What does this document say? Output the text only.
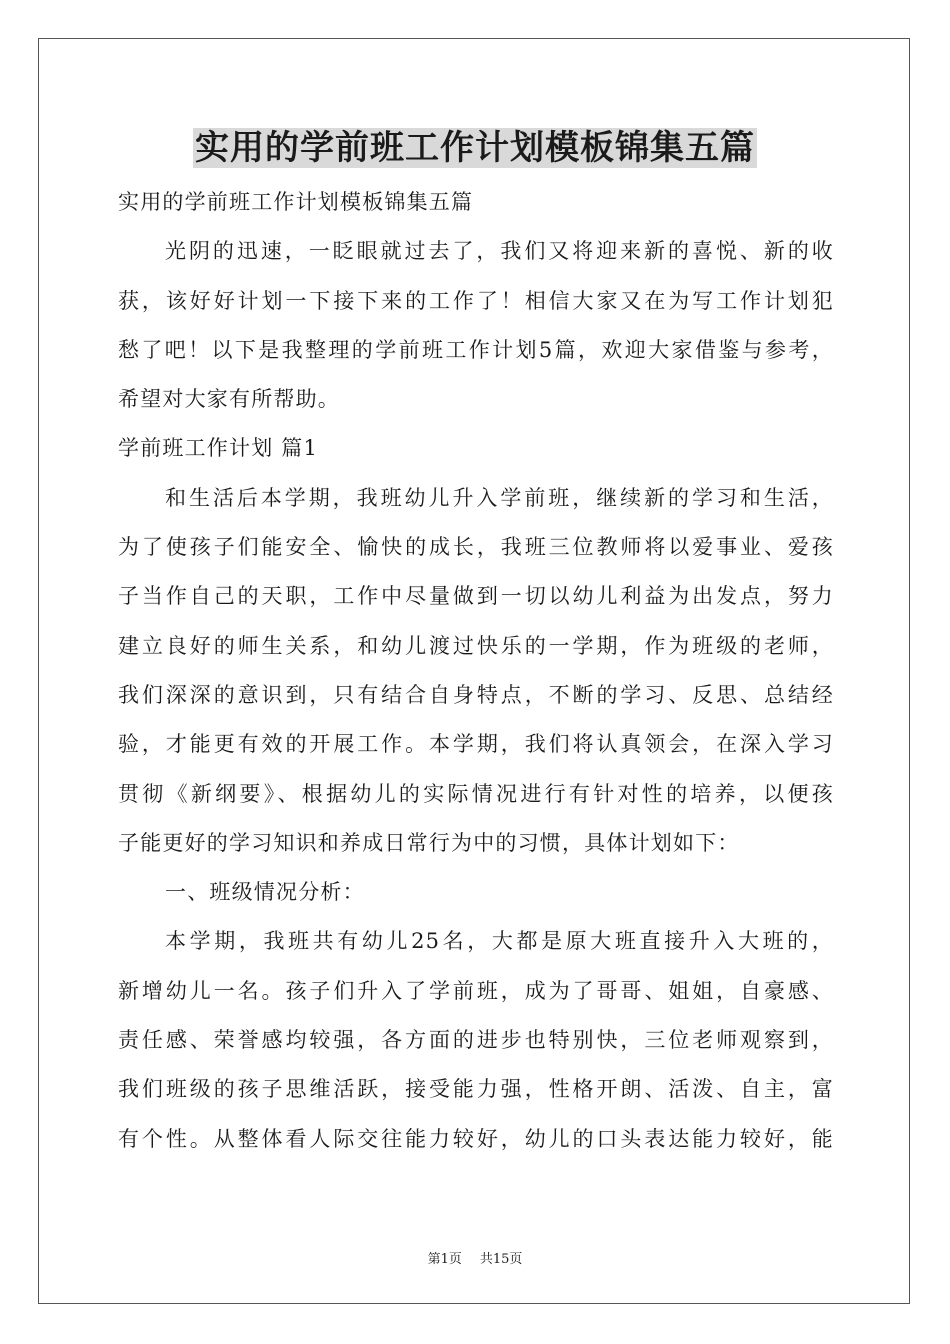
实用的学前班工作计划模板锦集五篇
实用的学前班工作计划模板锦集五篇
光阴的迅速，一眨眼就过去了，我们又将迎来新的喜悦、新的收
获，该好好计划一下接下来的工作了！相信大家又在为写工作计划犯
愁了吧！以下是我整理的学前班工作计划5篇，欢迎大家借鉴与参考，
希望对大家有所帮助。
学前班工作计划 篇1
和生活后本学期，我班幼儿升入学前班，继续新的学习和生活，
为了使孩子们能安全、愉快的成长，我班三位教师将以爱事业、爱孩
子当作自己的天职，工作中尽量做到一切以幼儿利益为出发点，努力
建立良好的师生关系，和幼儿渡过快乐的一学期，作为班级的老师，
我们深深的意识到，只有结合自身特点，不断的学习、反思、总结经
验，才能更有效的开展工作。本学期，我们将认真领会，在深入学习
贯彻《新纲要》、根据幼儿的实际情况进行有针对性的培养，以便孩
子能更好的学习知识和养成日常行为中的习惯，具体计划如下：
一、班级情况分析：
本学期，我班共有幼儿25名，大都是原大班直接升入大班的，
新增幼儿一名。孩子们升入了学前班，成为了哥哥、姐姐，自豪感、
责任感、荣誉感均较强，各方面的进步也特别快，三位老师观察到，
我们班级的孩子思维活跃，接受能力强，性格开朗、活泼、自主，富
有个性。从整体看人际交往能力较好，幼儿的口头表达能力较好，能
第1页 共15页
